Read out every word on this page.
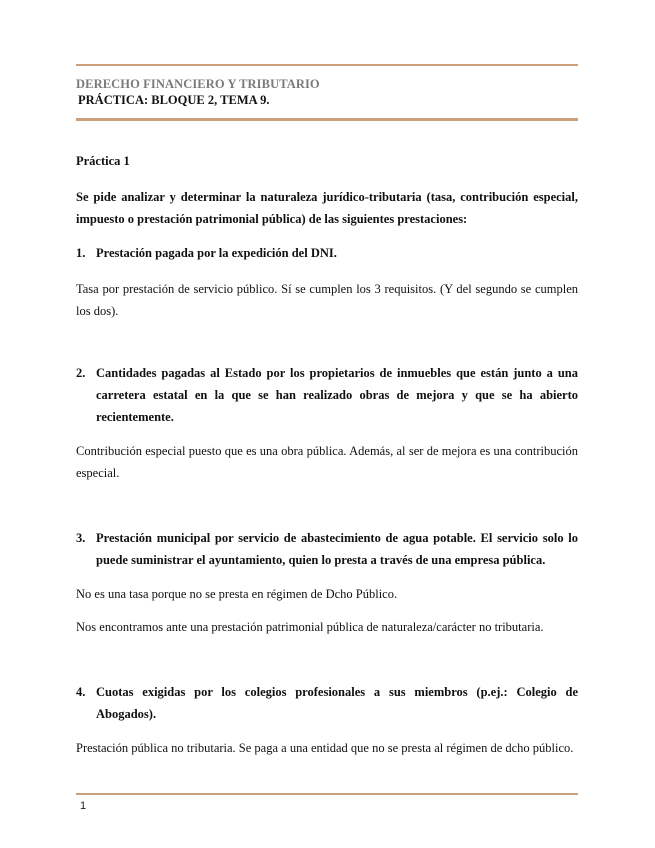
DERECHO FINANCIERO Y TRIBUTARIO
PRÁCTICA: BLOQUE 2, TEMA 9.

Práctica 1

Se pide analizar y determinar la naturaleza jurídico-tributaria (tasa, contribución especial, impuesto o prestación patrimonial pública) de las siguientes prestaciones:

1. Prestación pagada por la expedición del DNI.

Tasa por prestación de servicio público. Sí se cumplen los 3 requisitos. (Y del segundo se cumplen los dos).

2. Cantidades pagadas al Estado por los propietarios de inmuebles que están junto a una carretera estatal en la que se han realizado obras de mejora y que se ha abierto recientemente.

Contribución especial puesto que es una obra pública. Además, al ser de mejora es una contribución especial.

3. Prestación municipal por servicio de abastecimiento de agua potable. El servicio solo lo puede suministrar el ayuntamiento, quien lo presta a través de una empresa pública.

No es una tasa porque no se presta en régimen de Dcho Público.

Nos encontramos ante una prestación patrimonial pública de naturaleza/carácter no tributaria.

4. Cuotas exigidas por los colegios profesionales a sus miembros (p.ej.: Colegio de Abogados).

Prestación pública no tributaria. Se paga a una entidad que no se presta al régimen de dcho público.

1
